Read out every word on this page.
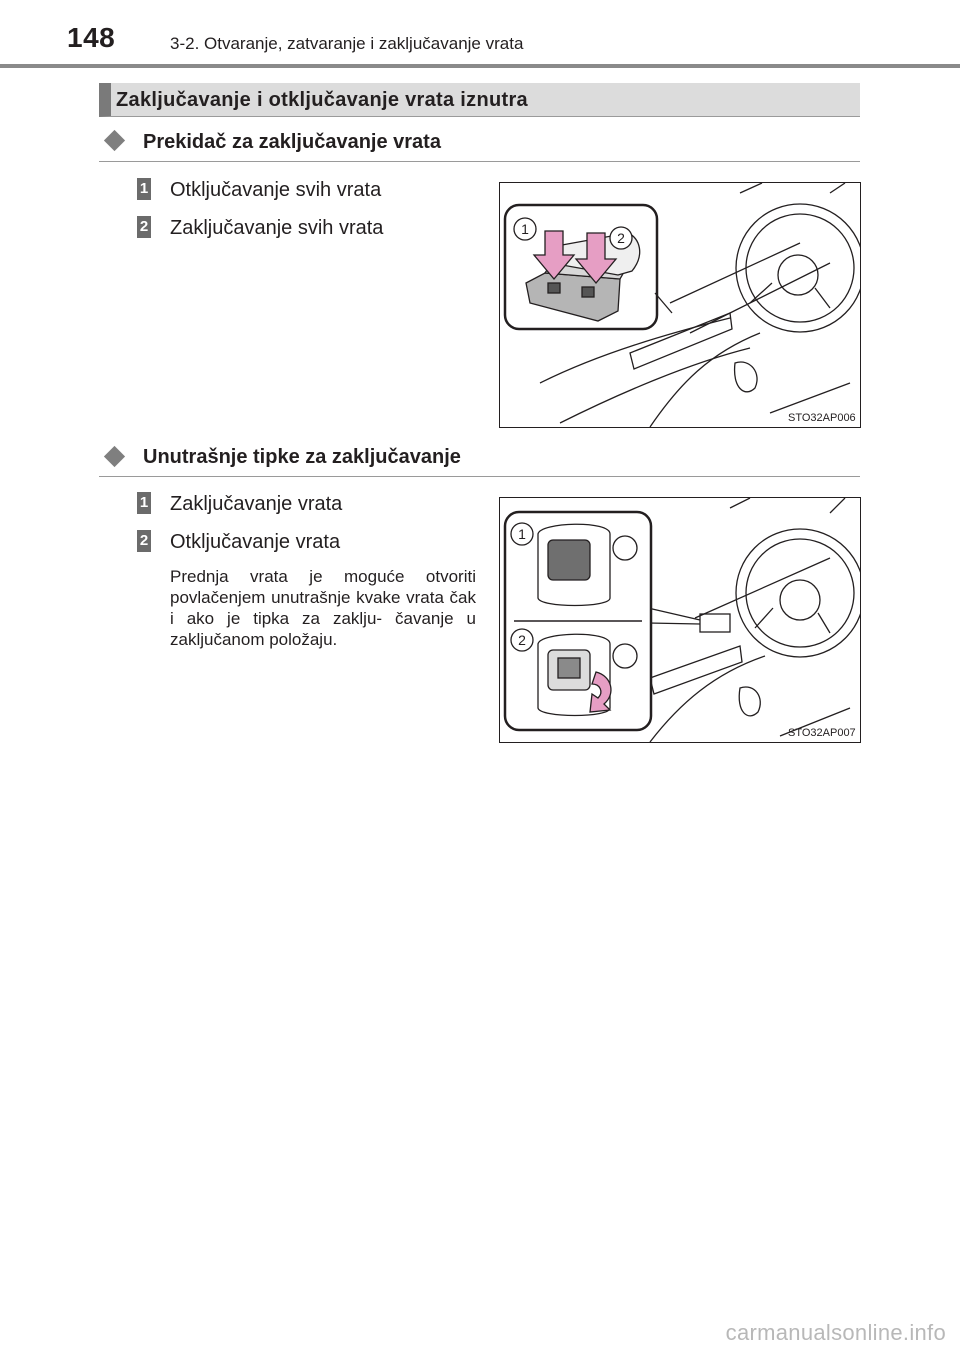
148	3-2. Otvaranje, zatvaranje i zaključavanje vrata
Zaključavanje i otključavanje vrata iznutra
Prekidač za zaključavanje vrata
1 Otključavanje svih vrata
2 Zaključavanje svih vrata	1
2
STO32AP006
Unutrašnje tipke za zaključavanje
1 Zaključavanje vrata
2 Otključavanje vrata
Prednja vrata je moguće otvoriti povlačenjem unutrašnje kvake vrata čak i ako je tipka za zaklju- čavanje u zaključanom položaju.
1
2
STO32AP007
carmanualsonline.info
